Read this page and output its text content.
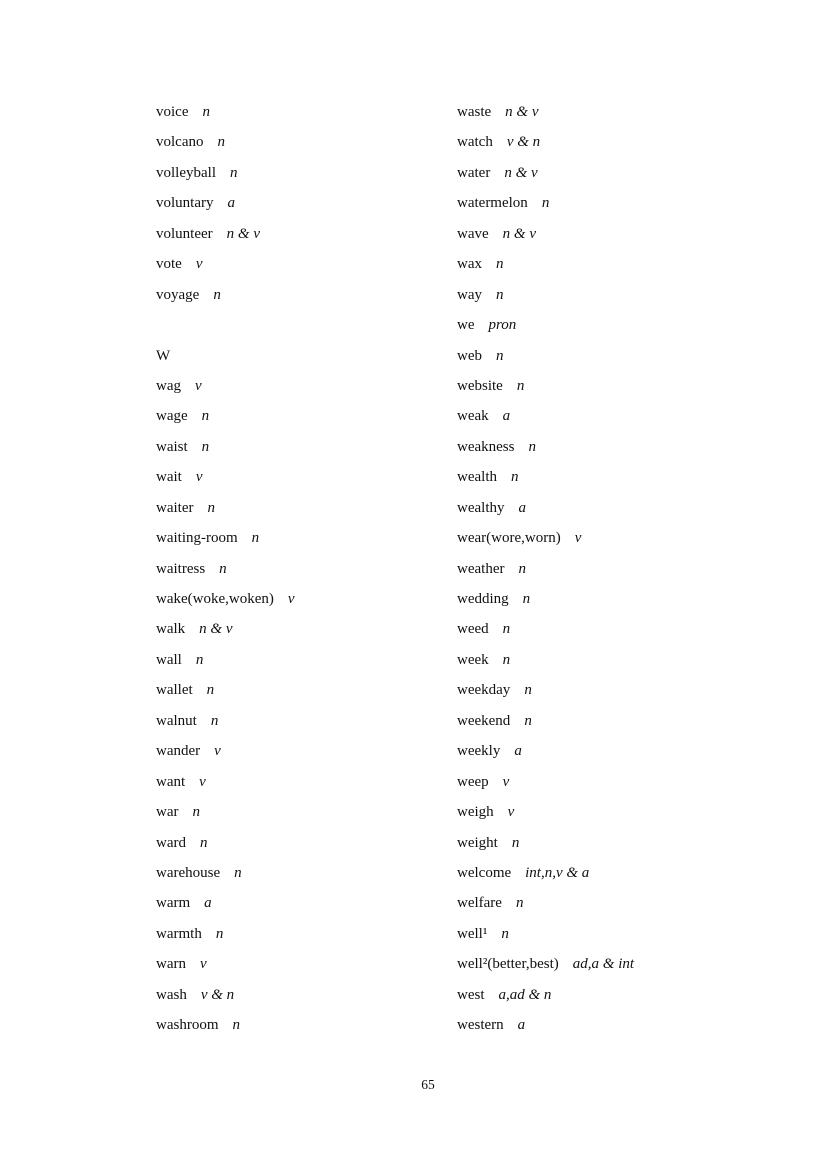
voice n
volcano n
volleyball n
voluntary a
volunteer n & v
vote v
voyage n
W
wag v
wage n
waist n
wait v
waiter n
waiting-room n
waitress n
wake(woke,woken) v
walk n & v
wall n
wallet n
walnut n
wander v
want v
war n
ward n
warehouse n
warm a
warmth n
warn v
wash v & n
washroom n
waste n & v
watch v & n
water n & v
watermelon n
wave n & v
wax n
way n
we pron
web n
website n
weak a
weakness n
wealth n
wealthy a
wear(wore,worn) v
weather n
wedding n
weed n
week n
weekday n
weekend n
weekly a
weep v
weigh v
weight n
welcome int,n,v & a
welfare n
well¹ n
well²(better,best) ad,a & int
west a,ad & n
western a
65
